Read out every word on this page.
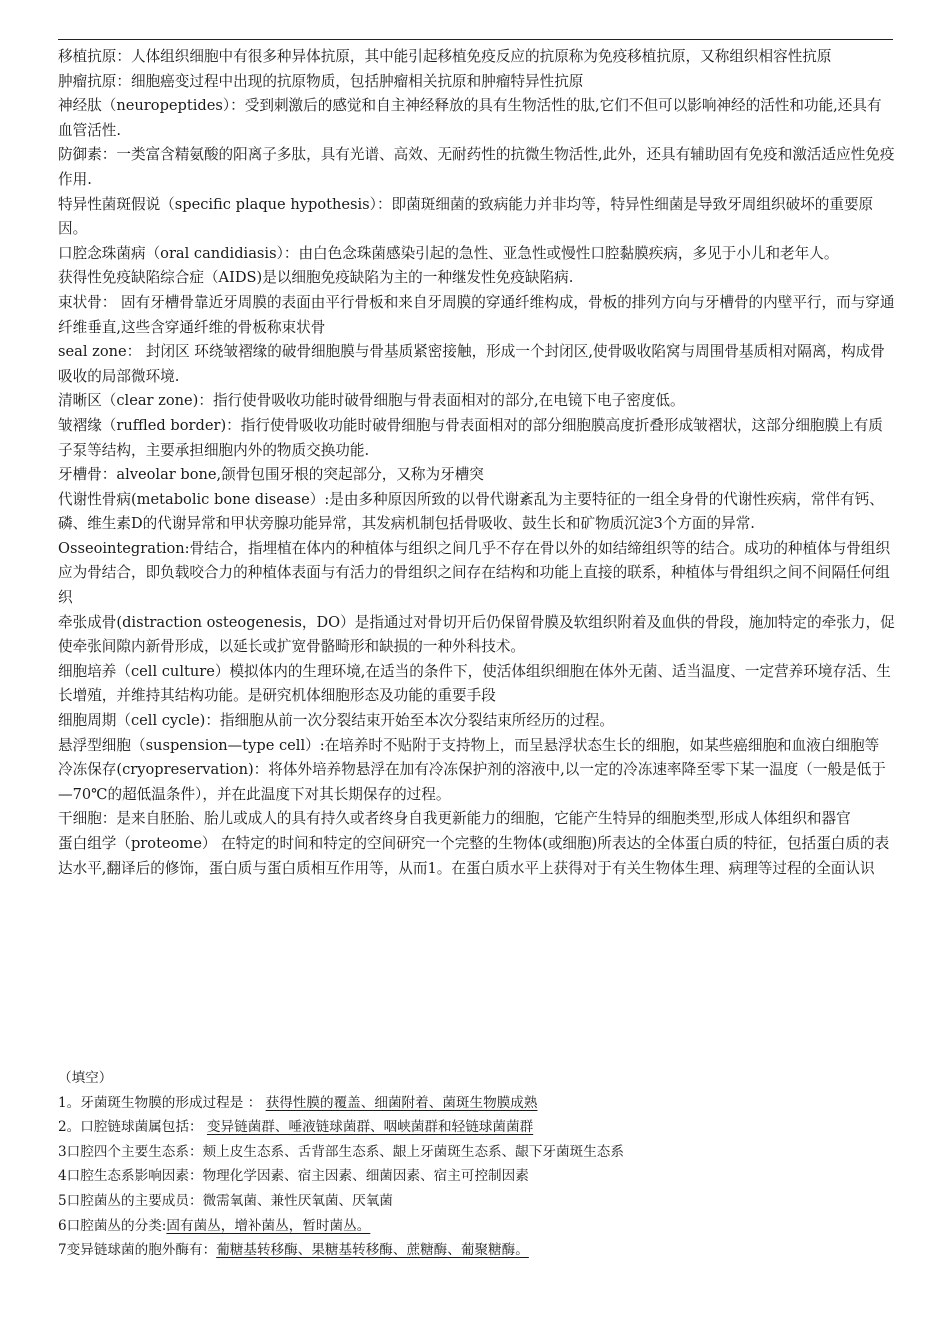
移植抗原：人体组织细胞中有很多种异体抗原，其中能引起移植免疫反应的抗原称为免疫移植抗原，又称组织相容性抗原

肿瘤抗原：细胞癌变过程中出现的抗原物质，包括肿瘤相关抗原和肿瘤特异性抗原

神经肽（neuropeptides）：受到刺激后的感觉和自主神经释放的具有生物活性的肽,它们不但可以影响神经的活性和功能,还具有血管活性.

防御素：一类富含精氨酸的阳离子多肽，具有光谱、高效、无耐药性的抗微生物活性,此外，还具有辅助固有免疫和激活适应性免疫作用.

特异性菌斑假说（specific plaque hypothesis）：即菌斑细菌的致病能力并非均等，特异性细菌是导致牙周组织破坏的重要原因。

口腔念珠菌病（oral candidiasis）：由白色念珠菌感染引起的急性、亚急性或慢性口腔黏膜疾病，多见于小儿和老年人。

获得性免疫缺陷综合症（AIDS)是以细胞免疫缺陷为主的一种继发性免疫缺陷病.

束状骨： 固有牙槽骨靠近牙周膜的表面由平行骨板和来自牙周膜的穿通纤维构成，骨板的排列方向与牙槽骨的内壁平行，而与穿通纤维垂直,这些含穿通纤维的骨板称束状骨

seal zone： 封闭区 环绕皱褶缘的破骨细胞膜与骨基质紧密接触，形成一个封闭区,使骨吸收陷窝与周围骨基质相对隔离，构成骨吸收的局部微环境.

清晰区（clear zone)：指行使骨吸收功能时破骨细胞与骨表面相对的部分,在电镜下电子密度低。

皱褶缘（ruffled border)：指行使骨吸收功能时破骨细胞与骨表面相对的部分细胞膜高度折叠形成皱褶状，这部分细胞膜上有质子泵等结构，主要承担细胞内外的物质交换功能.

牙槽骨：alveolar bone,颌骨包围牙根的突起部分，又称为牙槽突

代谢性骨病(metabolic bone disease）:是由多种原因所致的以骨代谢紊乱为主要特征的一组全身骨的代谢性疾病，常伴有钙、磷、维生素D的代谢异常和甲状旁腺功能异常，其发病机制包括骨吸收、鼓生长和矿物质沉淀3个方面的异常.

Osseointegration:骨结合，指埋植在体内的种植体与组织之间几乎不存在骨以外的如结缔组织等的结合。成功的种植体与骨组织应为骨结合，即负载咬合力的种植体表面与有活力的骨组织之间存在结构和功能上直接的联系，种植体与骨组织之间不间隔任何组织

牵张成骨(distraction osteogenesis，DO）是指通过对骨切开后仍保留骨膜及软组织附着及血供的骨段，施加特定的牵张力，促使牵张间隙内新骨形成，以延长或扩宽骨骼畸形和缺损的一种外科技术。

细胞培养（cell culture）模拟体内的生理环境,在适当的条件下，使活体组织细胞在体外无菌、适当温度、一定营养环境存活、生长增殖，并维持其结构功能。是研究机体细胞形态及功能的重要手段

细胞周期（cell cycle)：指细胞从前一次分裂结束开始至本次分裂结束所经历的过程。

悬浮型细胞（suspension—type cell）:在培养时不贴附于支持物上，而呈悬浮状态生长的细胞，如某些癌细胞和血液白细胞等

冷冻保存(cryopreservation)：将体外培养物悬浮在加有冷冻保护剂的溶液中,以一定的冷冻速率降至零下某一温度（一般是低于—70℃的超低温条件），并在此温度下对其长期保存的过程。

干细胞：是来自胚胎、胎儿或成人的具有持久或者终身自我更新能力的细胞，它能产生特异的细胞类型,形成人体组织和器官

蛋白组学（proteome） 在特定的时间和特定的空间研究一个完整的生物体(或细胞)所表达的全体蛋白质的特征，包括蛋白质的表达水平,翻译后的修饰，蛋白质与蛋白质相互作用等，从而1。在蛋白质水平上获得对于有关生物体生理、病理等过程的全面认识

（填空）

1。牙菌斑生物膜的形成过程是 ： 获得性膜的覆盖、细菌附着、菌斑生物膜成熟

2。口腔链球菌属包括： 变异链菌群、唾液链球菌群、咽峡菌群和轻链球菌菌群

3口腔四个主要生态系：颊上皮生态系、舌背部生态系、龈上牙菌斑生态系、龈下牙菌斑生态系

4口腔生态系影响因素：物理化学因素、宿主因素、细菌因素、宿主可控制因素

5口腔菌丛的主要成员：微需氧菌、兼性厌氧菌、厌氧菌

6口腔菌丛的分类:固有菌丛，增补菌丛，暂时菌丛。

7变异链球菌的胞外酶有：葡糖基转移酶、果糖基转移酶、蔗糖酶、葡聚糖酶。
